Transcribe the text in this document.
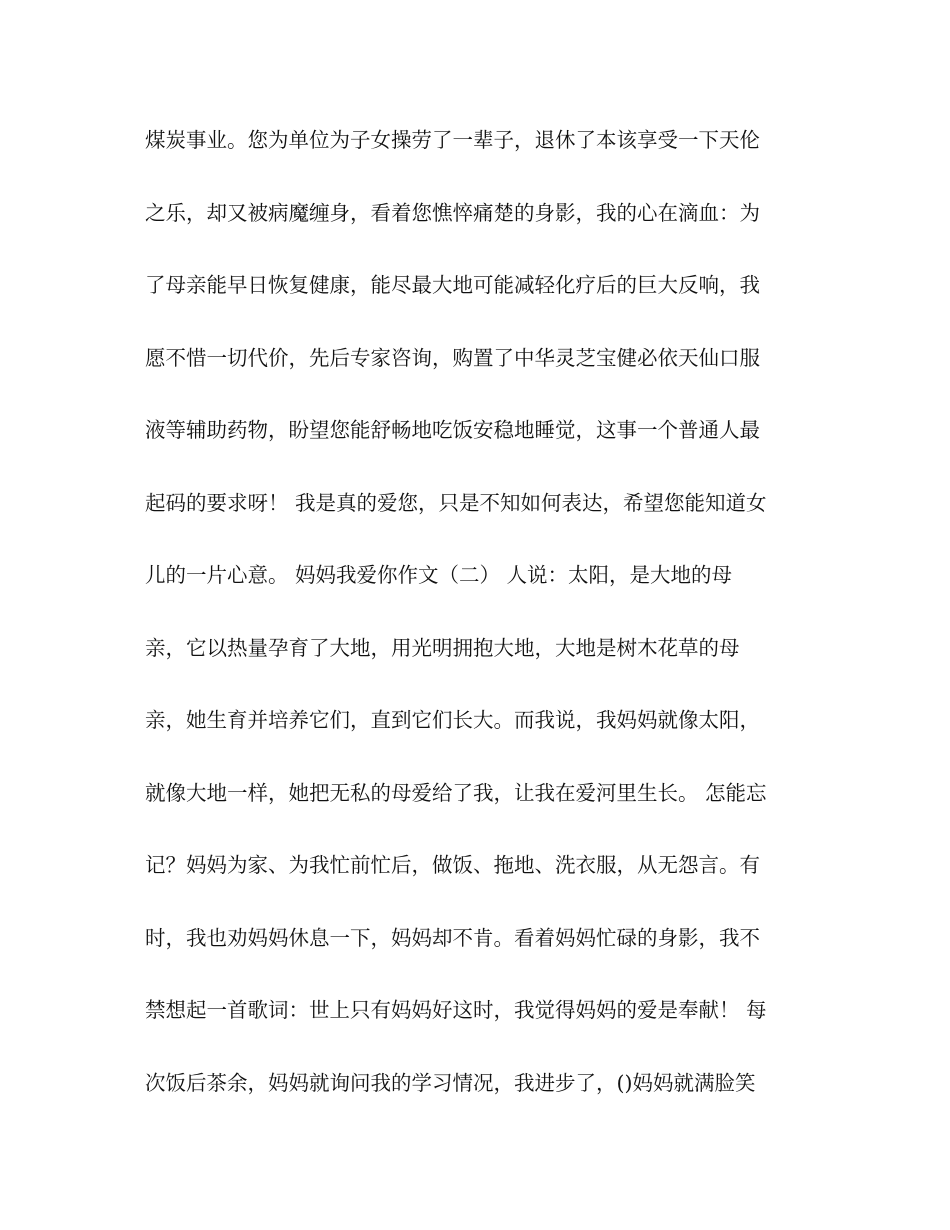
煤炭事业。您为单位为子女操劳了一辈子，退休了本该享受一下天伦
之乐，却又被病魔缠身，看着您憔悴痛楚的身影，我的心在滴血：为
了母亲能早日恢复健康，能尽最大地可能减轻化疗后的巨大反响，我
愿不惜一切代价，先后专家咨询，购置了中华灵芝宝健必依天仙口服
液等辅助药物，盼望您能舒畅地吃饭安稳地睡觉，这事一个普通人最
起码的要求呀！ 我是真的爱您，只是不知如何表达，希望您能知道女
儿的一片心意。 妈妈我爱你作文（二） 人说：太阳，是大地的母
亲，它以热量孕育了大地，用光明拥抱大地，大地是树木花草的母
亲，她生育并培养它们，直到它们长大。而我说，我妈妈就像太阳，
就像大地一样，她把无私的母爱给了我，让我在爱河里生长。 怎能忘
记？妈妈为家、为我忙前忙后，做饭、拖地、洗衣服，从无怨言。有
时，我也劝妈妈休息一下，妈妈却不肯。看着妈妈忙碌的身影，我不
禁想起一首歌词：世上只有妈妈好这时，我觉得妈妈的爱是奉献！ 每
次饭后茶余，妈妈就询问我的学习情况，我进步了，()妈妈就满脸笑
